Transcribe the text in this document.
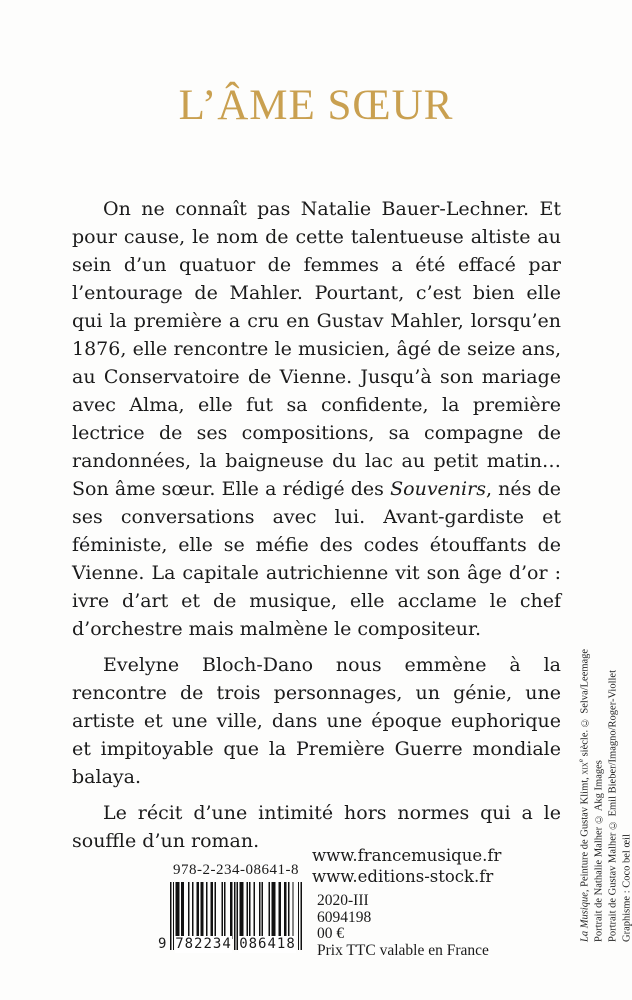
L’ÂME SŒUR

On ne connaît pas Natalie Bauer-Lechner. Et pour cause, le nom de cette talentueuse altiste au sein d’un quatuor de femmes a été effacé par l’entourage de Mahler. Pourtant, c’est bien elle qui la première a cru en Gustav Mahler, lorsqu’en 1876, elle rencontre le musicien, âgé de seize ans, au Conservatoire de Vienne. Jusqu’à son mariage avec Alma, elle fut sa confidente, la première lectrice de ses compositions, sa compagne de randonnées, la baigneuse du lac au petit matin… Son âme sœur. Elle a rédigé des Souvenirs, nés de ses conversations avec lui. Avant-gardiste et féministe, elle se méfie des codes étouffants de Vienne. La capitale autrichienne vit son âge d’or : ivre d’art et de musique, elle acclame le chef d’orchestre mais malmène le compositeur.

Evelyne Bloch-Dano nous emmène à la rencontre de trois personnages, un génie, une artiste et une ville, dans une époque euphorique et impitoyable que la Première Guerre mondiale balaya.

Le récit d’une intimité hors normes qui a le souffle d’un roman.

978-2-234-08641-8
9 782234 086418
www.francemusique.fr
www.editions-stock.fr
2020-III
6094198
00 €
Prix TTC valable en France
La Musique, Peinture de Gustav Klimt, xix$^e$ siècle. © Selva/Leemage
Portrait de Nathalie Malher © Akg Images Portrait de Gustav Malher © Emil Bieber/Imagno/Roger-Viollet Graphisme : Coco bel œil
